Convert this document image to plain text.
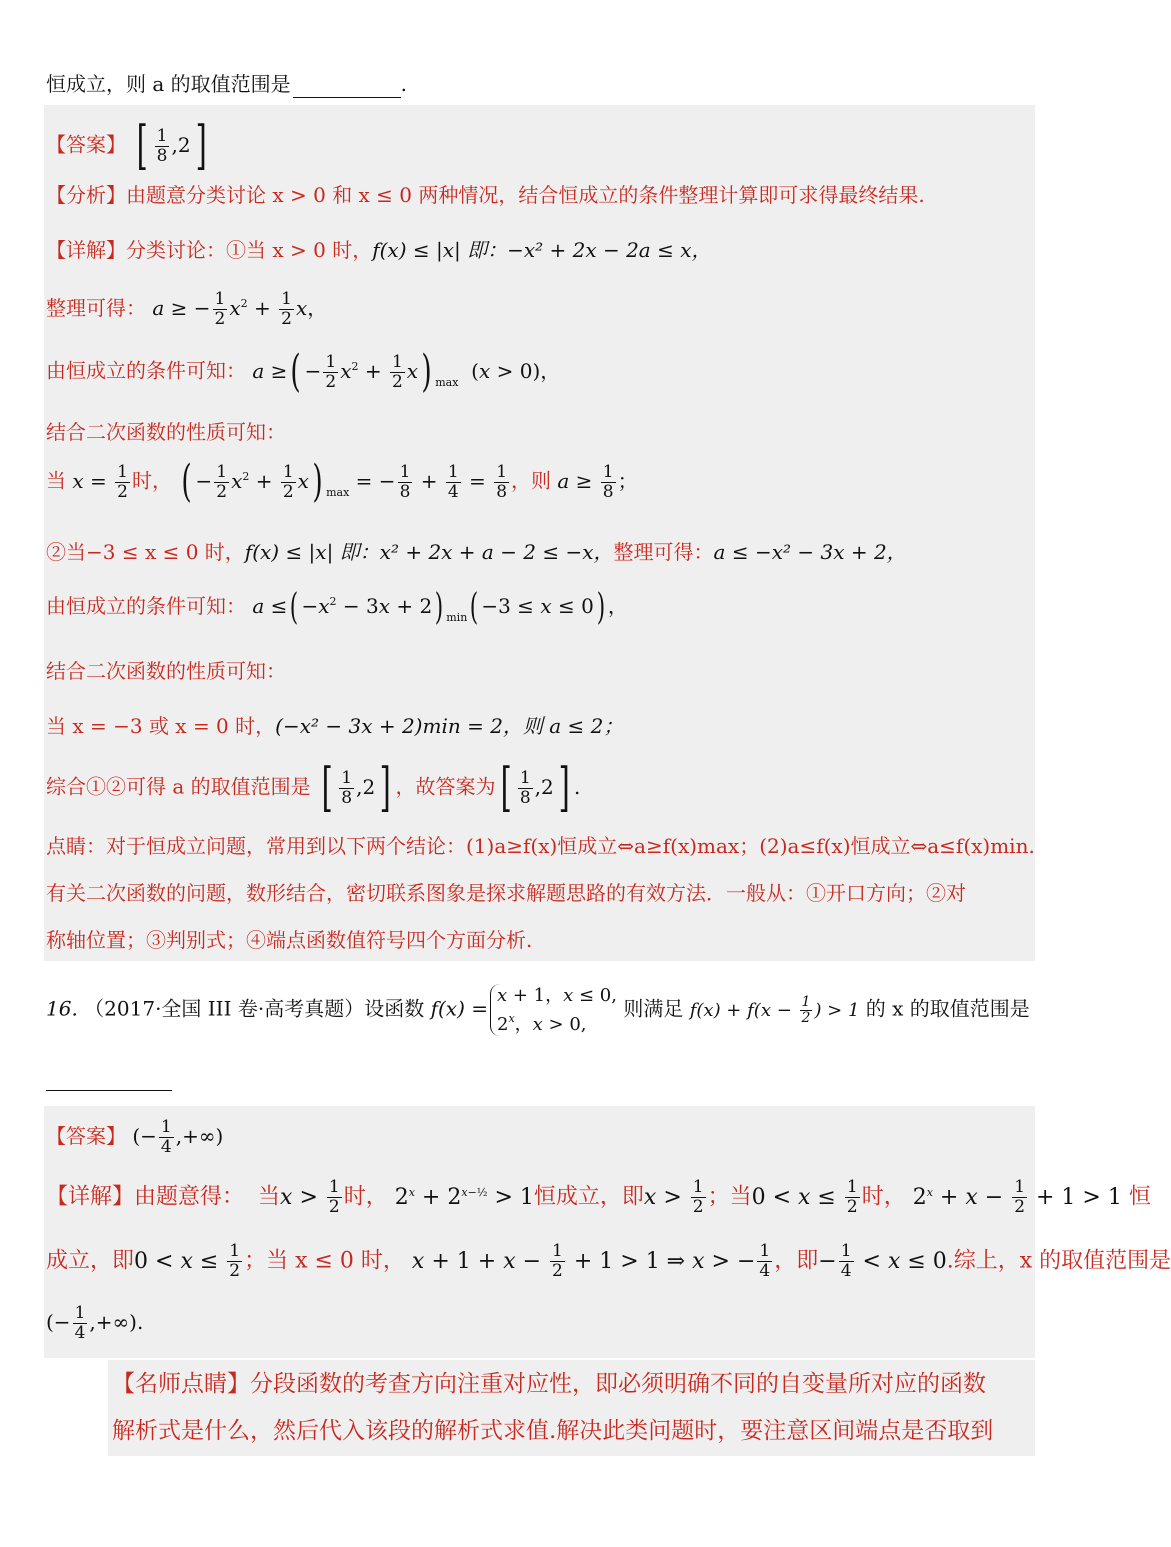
恒成立，则 a 的取值范围是	.
【答案】 [ $\frac{1}{8} ,2$]
【分析】由题意分类讨论 x > 0 和 x ≤ 0 两种情况，结合恒成立的条件整理计算即可求得最终结果.
【详解】分类讨论：①当 x > 0 时，f(x) ≤ |x| 即：−x² + 2x − 2a ≤ x，
整理可得： a ≥ − $\frac{1}{2} x^2 + \frac{1}{2}$ x，
由恒成立的条件可知： a ≥( − $\frac{1}{2} x^2 + \frac{1}{2} x$) $_{max}$  (x > 0)，
结合二次函数的性质可知：
当 $x = \frac{1}{2}$ 时， ( − $\frac{1}{2} x^2 + \frac{1}{2} x$) $_{max}$ = − $\frac{1}{8} + \frac{1}{4} = \frac{1}{8}$ ，则 $a \ge \frac{1}{8}$ ；
②当−3 ≤ x ≤ 0 时，f(x) ≤ |x| 即：x² + 2x + a − 2 ≤ −x，整理可得：a ≤ −x² − 3x + 2，
由恒成立的条件可知： a ≤( $-x^2 - 3x + 2$) $_{min}$( −3 ≤ x ≤ 0) ，
结合二次函数的性质可知：
当 x = −3 或 x = 0 时，(−x² − 3x + 2)min = 2，则 a ≤ 2；
综合①②可得 a 的取值范围是 [ $\frac{1}{8} ,2$] ，故答案为[ $\frac{1}{8} ,2$] .
点睛：对于恒成立问题，常用到以下两个结论：(1)a≥f(x)恒成立⇔a≥f(x)max；(2)a≤f(x)恒成立⇔a≤f(x)min.
有关二次函数的问题，数形结合，密切联系图象是探求解题思路的有效方法．一般从：①开口方向；②对
称轴位置；③判别式；④端点函数值符号四个方面分析.
16. （2017·全国 III 卷·高考真题）设函数 f(x) =
x + 1，x ≤ 0,
2$^x$，x > 0,
则满足 $f(x) + f(x - \frac{1}{2}$ ) > 1 的 x 的取值范围是
【答案】 (− $\frac{1}{4}$ ,+∞)
【详解】由题意得：  当$x > \frac{1}{2}$ 时， $2^x + 2^{x-\frac{1}{2}} > 1$恒成立，即$x > \frac{1}{2}$ ；当$0 < x \le \frac{1}{2}$ 时， $2^x + x - \frac{1}{2} + 1 > 1$ 恒
成立，即$0 < x \le \frac{1}{2}$ ；当 x ≤ 0 时， $x + 1 + x - \frac{1}{2} + 1 > 1$ ⇒ x > − $\frac{1}{4}$ ，即− $\frac{1}{4} < x \le 0$.综上，x 的取值范围是
(− $\frac{1}{4}$ ,+∞).
【名师点睛】分段函数的考查方向注重对应性，即必须明确不同的自变量所对应的函数
解析式是什么，然后代入该段的解析式求值.解决此类问题时，要注意区间端点是否取到
